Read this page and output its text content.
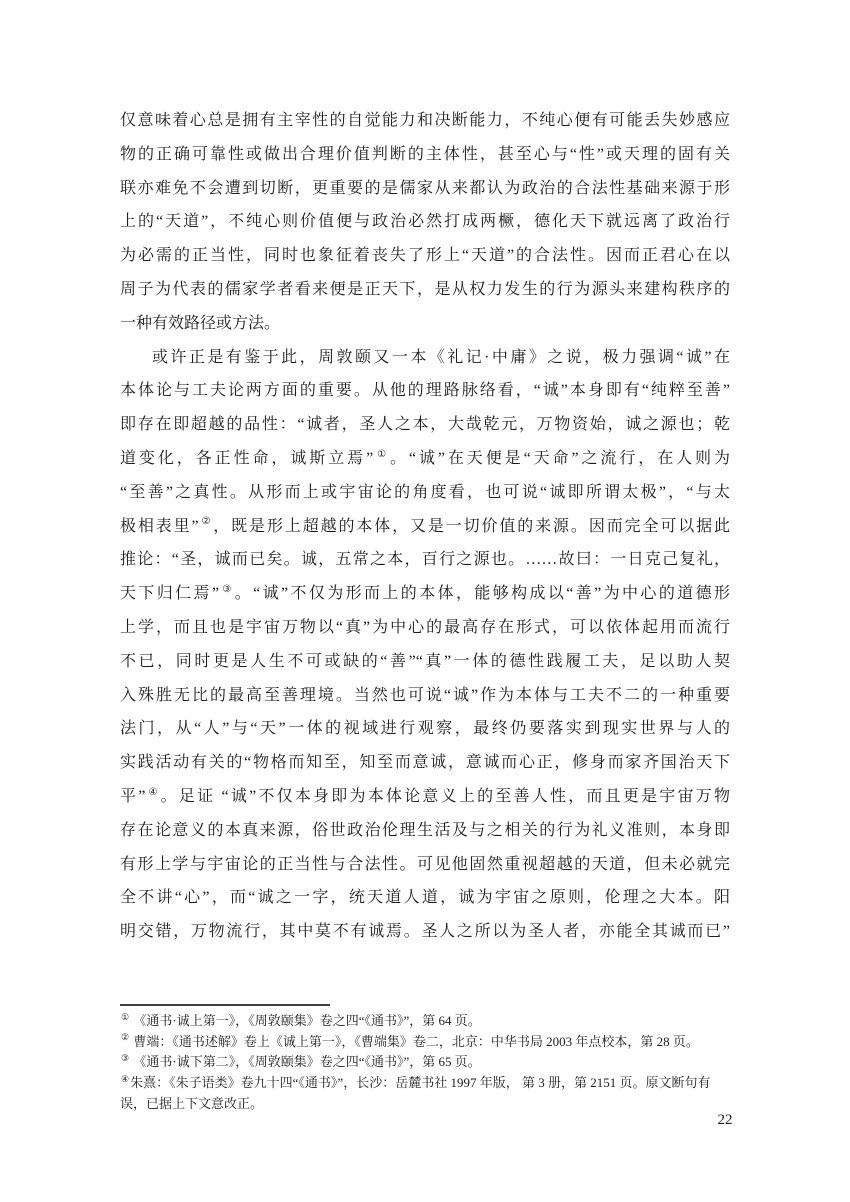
仅意味着心总是拥有主宰性的自觉能力和决断能力，不纯心便有可能丢失妙感应
物的正确可靠性或做出合理价值判断的主体性，甚至心与“性”或天理的固有关
联亦难免不会遭到切断，更重要的是儒家从来都认为政治的合法性基础来源于形
上的“天道”，不纯心则价值便与政治必然打成两橛，德化天下就远离了政治行
为必需的正当性，同时也象征着丧失了形上“天道”的合法性。因而正君心在以
周子为代表的儒家学者看来便是正天下，是从权力发生的行为源头来建构秩序的
一种有效路径或方法。
或许正是有鉴于此，周敦颐又一本《礼记·中庸》之说，极力强调“诚”在
本体论与工夫论两方面的重要。从他的理路脉络看，“诚”本身即有“纯粹至善”
即存在即超越的品性：“诚者，圣人之本，大哉乾元，万物资始，诚之源也；乾
道变化，各正性命，诚斯立焉”①。“诚”在天便是“天命”之流行，在人则为
“至善”之真性。从形而上或宇宙论的角度看，也可说“诚即所谓太极”，“与太
极相表里”②，既是形上超越的本体，又是一切价值的来源。因而完全可以据此
推论：“圣，诚而已矣。诚，五常之本，百行之源也。……故曰：一日克己复礼，
天下归仁焉”③。“诚”不仅为形而上的本体，能够构成以“善”为中心的道德形
上学，而且也是宇宙万物以“真”为中心的最高存在形式，可以依体起用而流行
不已，同时更是人生不可或缺的“善”“真”一体的德性践履工夫，足以助人契
入殊胜无比的最高至善理境。当然也可说“诚”作为本体与工夫不二的一种重要
法门，从“人”与“天”一体的视域进行观察，最终仍要落实到现实世界与人的
实践活动有关的“物格而知至，知至而意诚，意诚而心正，修身而家齐国治天下
平”④。足证 “诚”不仅本身即为本体论意义上的至善人性，而且更是宇宙万物
存在论意义的本真来源，俗世政治伦理生活及与之相关的行为礼义准则，本身即
有形上学与宇宙论的正当性与合法性。可见他固然重视超越的天道，但未必就完
全不讲“心”，而“诚之一字，统天道人道，诚为宇宙之原则，伦理之大本。阳
明交错，万物流行，其中莫不有诚焉。圣人之所以为圣人者，亦能全其诚而已”
① 《通书·诚上第一》，《周敦颐集》卷之四“《通书》”，第 64 页。
② 曹端：《通书述解》卷上《诚上第一》，《曹端集》卷二，北京：中华书局 2003 年点校本，第 28 页。
③ 《通书·诚下第二》，《周敦颐集》卷之四“《通书》”，第 65 页。
④朱熹：《朱子语类》卷九十四“《通书》”，长沙：岳麓书社 1997 年版， 第 3 册，第 2151 页。原文断句有
误，已据上下文意改正。
22
